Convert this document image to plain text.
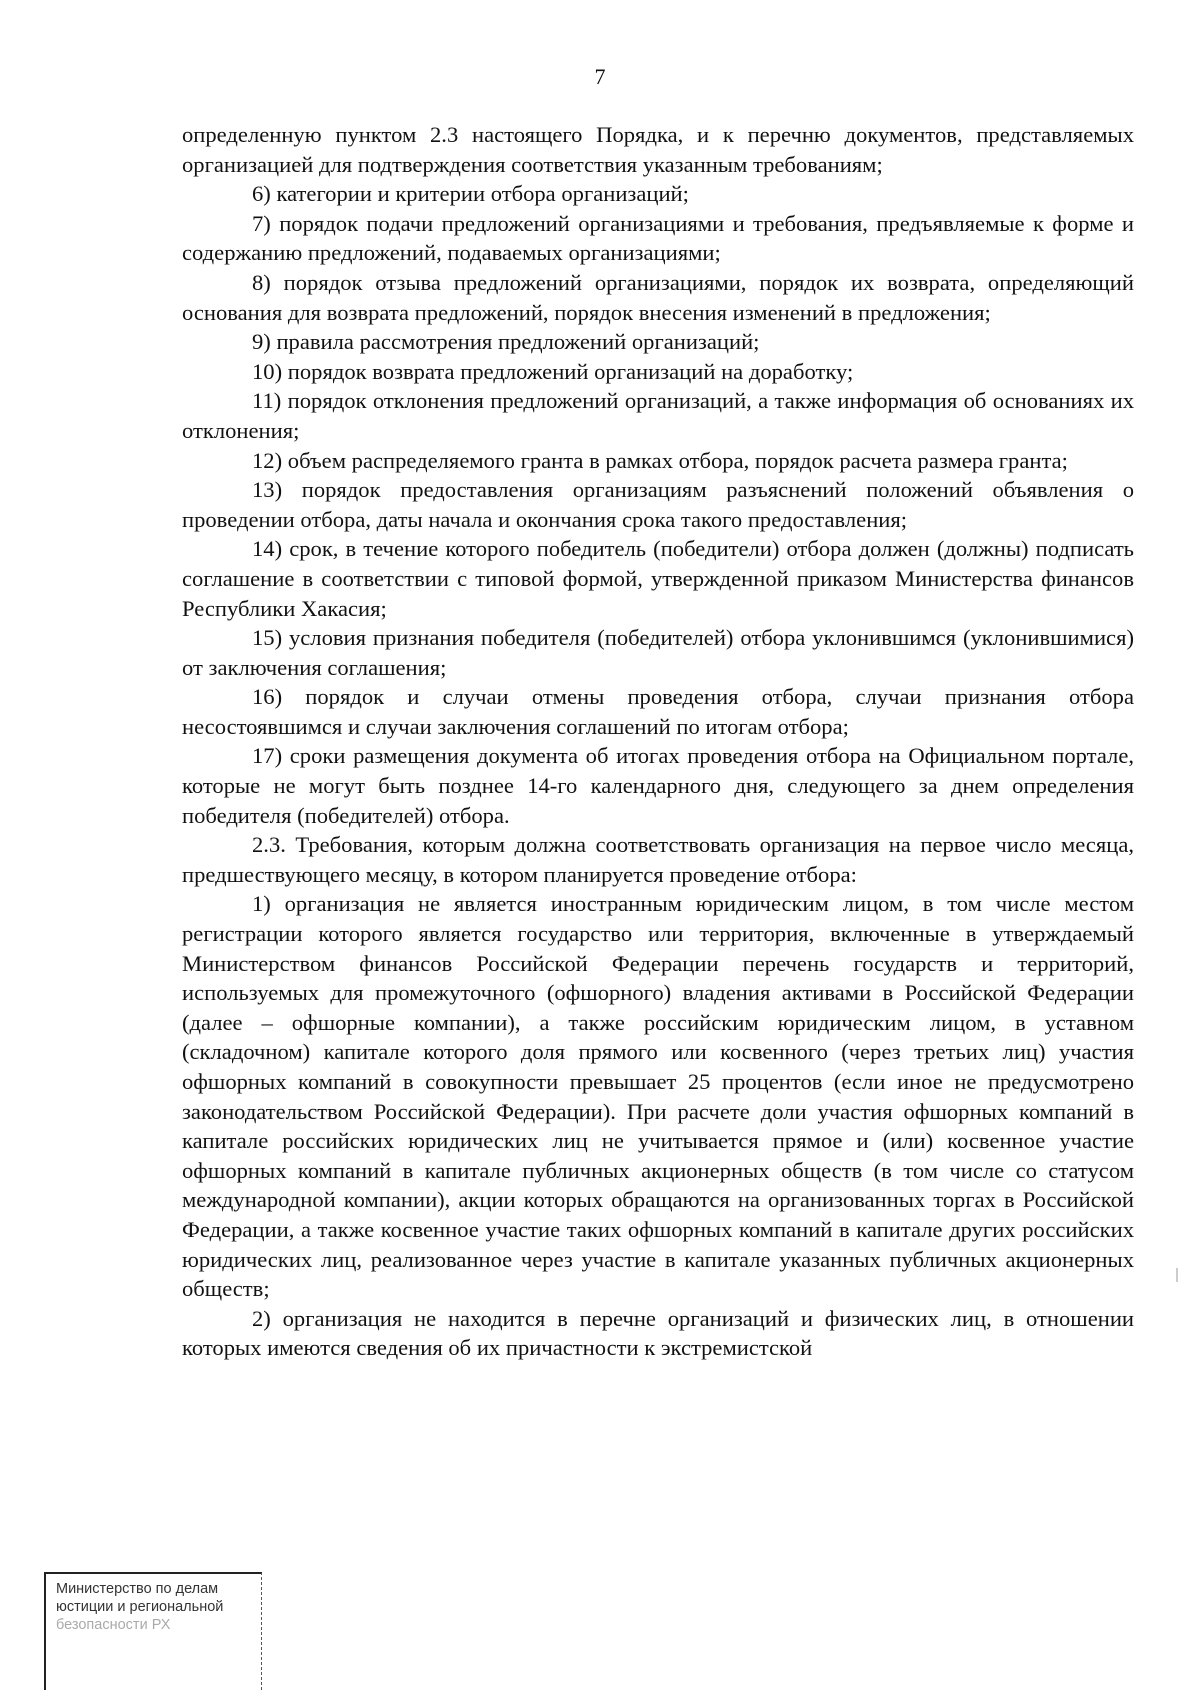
7

определенную пунктом 2.3 настоящего Порядка, и к перечню документов, представляемых организацией для подтверждения соответствия указанным требованиям;

6) категории и критерии отбора организаций;

7) порядок подачи предложений организациями и требования, предъявляемые к форме и содержанию предложений, подаваемых организациями;

8) порядок отзыва предложений организациями, порядок их возврата, определяющий основания для возврата предложений, порядок внесения изменений в предложения;

9) правила рассмотрения предложений организаций;

10) порядок возврата предложений организаций на доработку;

11) порядок отклонения предложений организаций, а также информация об основаниях их отклонения;

12) объем распределяемого гранта в рамках отбора, порядок расчета размера гранта;

13) порядок предоставления организациям разъяснений положений объявления о проведении отбора, даты начала и окончания срока такого предоставления;

14) срок, в течение которого победитель (победители) отбора должен (должны) подписать соглашение в соответствии с типовой формой, утвержденной приказом Министерства финансов Республики Хакасия;

15) условия признания победителя (победителей) отбора уклонившимся (уклонившимися) от заключения соглашения;

16) порядок и случаи отмены проведения отбора, случаи признания отбора несостоявшимся и случаи заключения соглашений по итогам отбора;

17) сроки размещения документа об итогах проведения отбора на Официальном портале, которые не могут быть позднее 14-го календарного дня, следующего за днем определения победителя (победителей) отбора.

2.3. Требования, которым должна соответствовать организация на первое число месяца, предшествующего месяцу, в котором планируется проведение отбора:

1) организация не является иностранным юридическим лицом, в том числе местом регистрации которого является государство или территория, включенные в утверждаемый Министерством финансов Российской Федерации перечень государств и территорий, используемых для промежуточного (офшорного) владения активами в Российской Федерации (далее – офшорные компании), а также российским юридическим лицом, в уставном (складочном) капитале которого доля прямого или косвенного (через третьих лиц) участия офшорных компаний в совокупности превышает 25 процентов (если иное не предусмотрено законодательством Российской Федерации). При расчете доли участия офшорных компаний в капитале российских юридических лиц не учитывается прямое и (или) косвенное участие офшорных компаний в капитале публичных акционерных обществ (в том числе со статусом международной компании), акции которых обращаются на организованных торгах в Российской Федерации, а также косвенное участие таких офшорных компаний в капитале других российских юридических лиц, реализованное через участие в капитале указанных публичных акционерных обществ;

2) организация не находится в перечне организаций и физических лиц, в отношении которых имеются сведения об их причастности к экстремистской

Министерство по делам
юстиции и региональной
безопасности РХ
